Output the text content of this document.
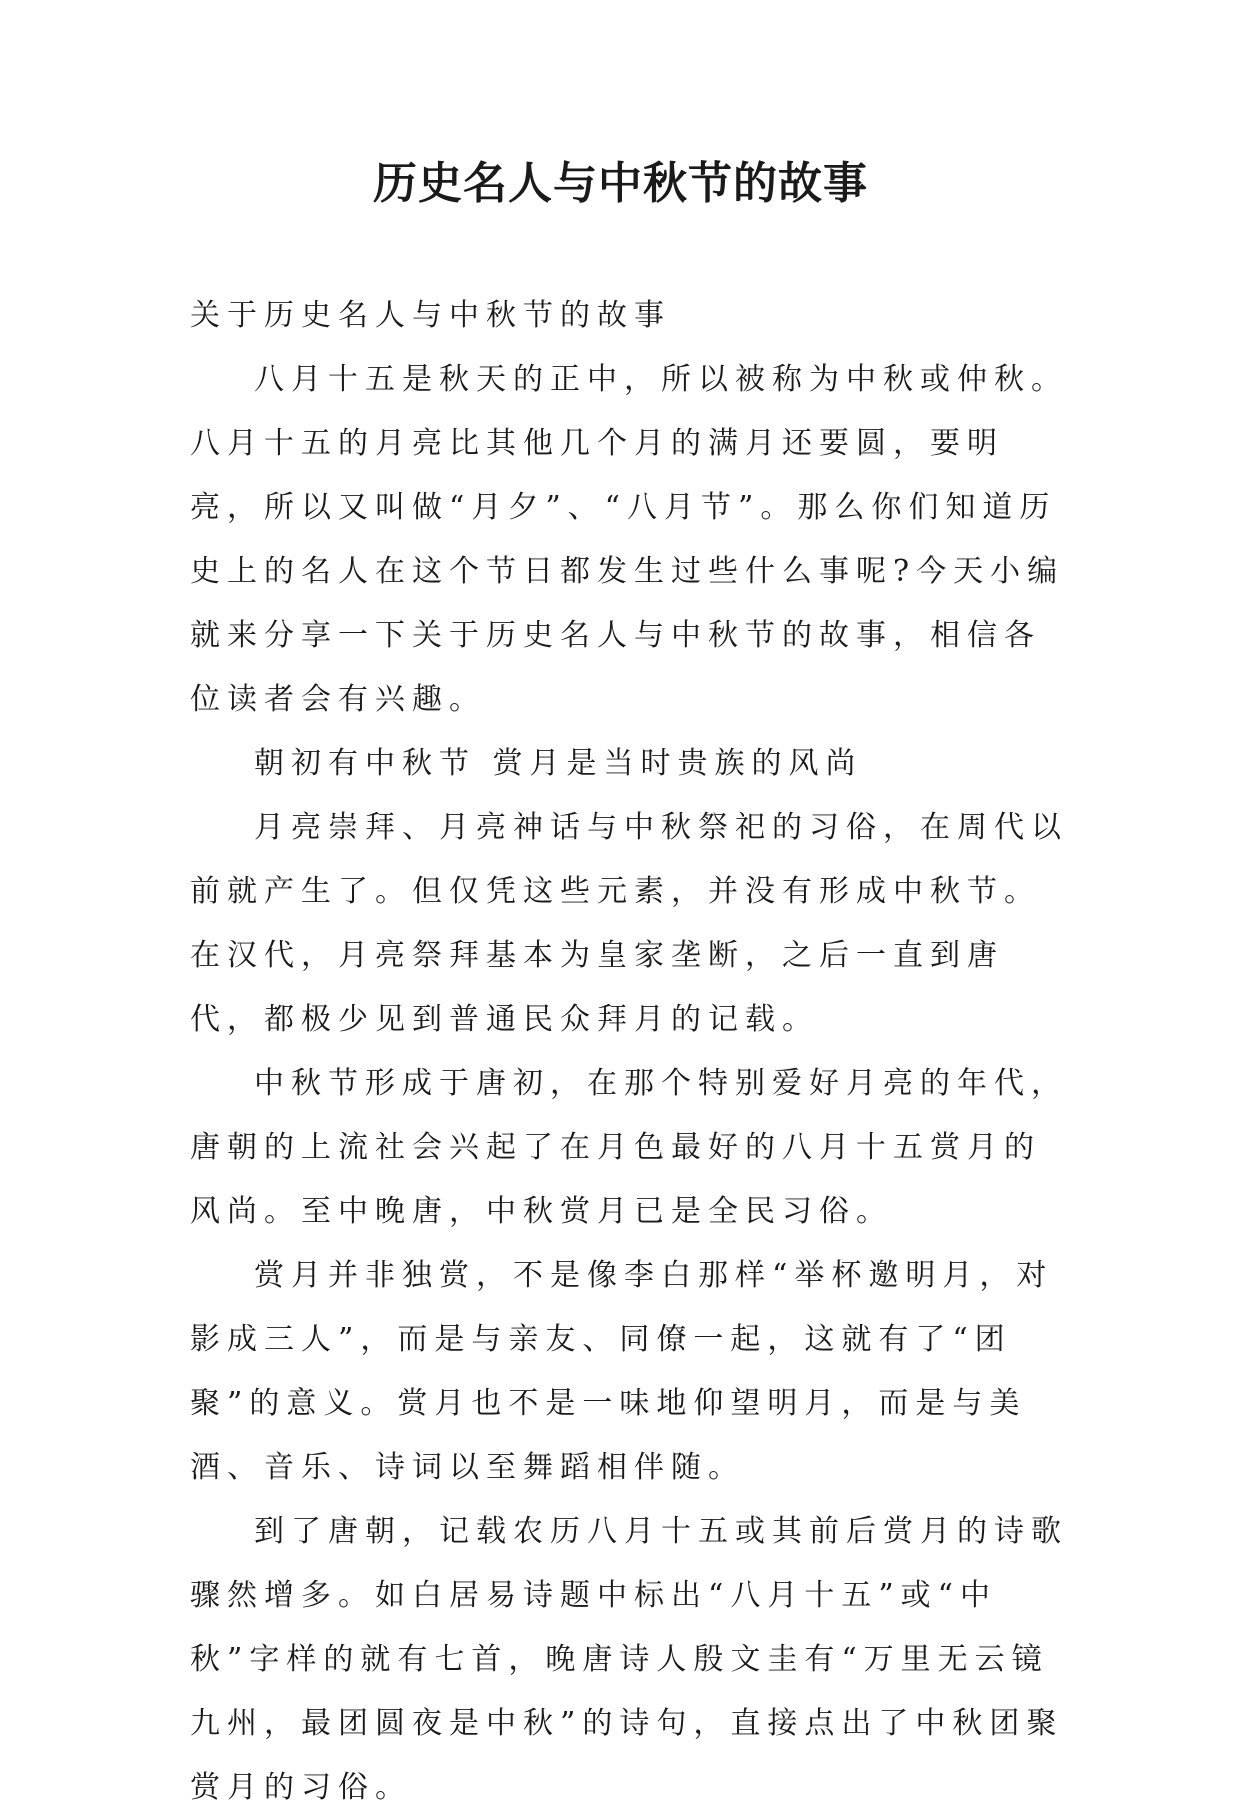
历史名人与中秋节的故事

关于历史名人与中秋节的故事

八月十五是秋天的正中，所以被称为中秋或仲秋。八月十五的月亮比其他几个月的满月还要圆，要明亮，所以又叫做“月夕”、“八月节”。那么你们知道历史上的名人在这个节日都发生过些什么事呢?今天小编就来分享一下关于历史名人与中秋节的故事，相信各位读者会有兴趣。

朝初有中秋节 赏月是当时贵族的风尚

月亮崇拜、月亮神话与中秋祭祀的习俗，在周代以前就产生了。但仅凭这些元素，并没有形成中秋节。在汉代，月亮祭拜基本为皇家垄断，之后一直到唐代，都极少见到普通民众拜月的记载。

中秋节形成于唐初，在那个特别爱好月亮的年代，唐朝的上流社会兴起了在月色最好的八月十五赏月的风尚。至中晚唐，中秋赏月已是全民习俗。

赏月并非独赏，不是像李白那样“举杯邀明月，对影成三人”，而是与亲友、同僚一起，这就有了“团聚”的意义。赏月也不是一味地仰望明月，而是与美酒、音乐、诗词以至舞蹈相伴随。

到了唐朝，记载农历八月十五或其前后赏月的诗歌骤然增多。如白居易诗题中标出“八月十五”或“中秋”字样的就有七首，晚唐诗人殷文圭有“万里无云镜九州，最团圆夜是中秋”的诗句，直接点出了中秋团聚赏月的习俗。
